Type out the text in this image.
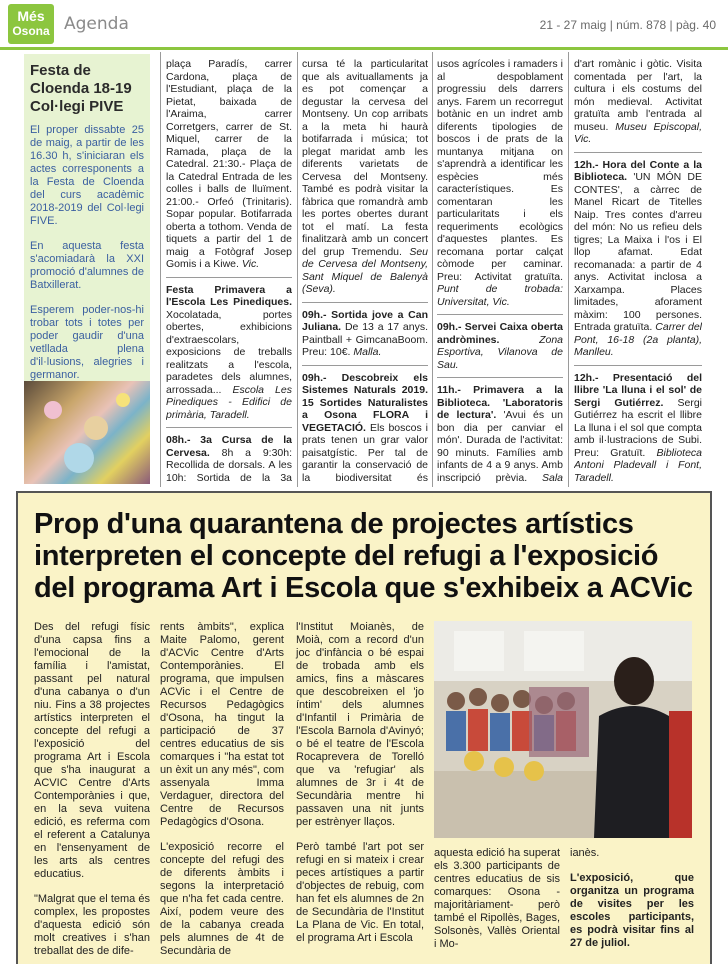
Més
Osona Agenda	21 - 27 maig | núm. 878 | pàg. 40
Festa de Cloenda 18-19 Col·legi PIVE

El proper dissabte 25 de maig, a partir de les 16.30 h, s'iniciaran els actes corresponents a la Festa de Cloenda del curs acadèmic 2018-2019 del Col·legi FIVE.

En aquesta festa s'acomiadarà la XXI promoció d'alumnes de Batxillerat.

Esperem poder-nos-hi trobar tots i totes per poder gaudir d'una vetllada plena d'il·lusions, alegries i germanor.

plaça Paradís, carrer Cardona, plaça de l'Estudiant, plaça de la Pietat, baixada de l'Araima, carrer Corretgers, carrer de St. Miquel, carrer de la Ramada, plaça de la Catedral. 21:30.- Plaça de la Catedral Entrada de les colles i balls de lluïment. 21:00.- Orfeó (Trinitaris). Sopar popular. Botifarrada oberta a tothom. Venda de tiquets a partir del 1 de maig a Fotògraf Josep Gomis i a Kiwe. Vic.

Festa Primavera a l'Escola Les Pinediques. Xocolatada, portes obertes, exhibicions d'extraescolars, exposicions de treballs realitzats a l'escola, paradetes dels alumnes, arrossada... Escola Les Pinediques - Edifici de primària, Taradell.

08h.- 3a Cursa de la Cervesa. 8h a 9:30h: Recollida de dorsals. A les 10h: Sortida de la 3a

cursa té la particularitat que als avituallaments ja es pot començar a degustar la cervesa del Montseny. Un cop arribats a la meta hi haurà botifarrada i música; tot plegat maridat amb les diferents varietats de Cervesa del Montseny. També es podrà visitar la fàbrica que romandrà amb les portes obertes durant tot el matí. La festa finalitzarà amb un concert del grup Tremendu. Seu de Cervesa del Montseny, Sant Miquel de Balenyà (Seva).

09h.- Sortida jove a Can Juliana. De 13 a 17 anys. Paintball + GimcanaBoom. Preu: 10€. Malla.

09h.- Descobreix els Sistemes Naturals 2019. 15 Sortides Naturalistes a Osona FLORA i VEGETACIÓ. Els boscos i prats tenen un grar valor paisatgístic. Per tal de garantir la conservació de la biodiversitat és

usos agrícoles i ramaders i al despoblament progressiu dels darrers anys. Farem un recorregut botànic en un indret amb diferents tipologies de boscos i de prats de la muntanya mitjana on s'aprendrà a identificar les espècies més característiques. Es comentaran les particularitats i els requeriments ecològics d'aquestes plantes. Es recomana portar calçat còmode per caminar. Preu: Activitat gratuïta. Punt de trobada: Universitat, Vic.

09h.- Servei Caixa oberta andròmines.	Zona Esportiva, Vilanova de Sau.

11h.- Primavera a la Biblioteca. 'Laboratoris de lectura'. 'Avui és un bon dia per canviar el món'. Durada de l'activitat: 90 minuts. Famílies amb infants de 4 a 9 anys. Amb inscripció prèvia. Sala

d'art romànic i gòtic. Visita comentada per l'art, la cultura i els costums del món medieval. Activitat gratuïta amb l'entrada al museu. Museu Episcopal, Vic.

12h.- Hora del Conte a la Biblioteca. 'UN MÓN DE CONTES', a càrrec de Manel Ricart de Titelles Naip. Tres contes d'arreu del món: No us refieu dels tigres; La Maixa i l'os i El llop afamat. Edat recomanada: a partir de 4 anys. Activitat inclosa a Xarxampa. Places limitades, aforament màxim: 100 persones. Entrada gratuïta. Carrer del Pont, 16-18 (2a planta), Manlleu.

12h.- Presentació del llibre 'La lluna i el sol' de Sergi Gutiérrez. Sergi Gutiérrez ha escrit el llibre La lluna i el sol que compta amb il·lustracions de Subi. Preu: Gratuït. Biblioteca Antoni Pladevall i Font, Taradell.

Prop d'una quarantena de projectes artístics interpreten el concepte del refugi a l'exposició del programa Art i Escola que s'exhibeix a ACVic

Des del refugi físic d'una capsa fins a l'emocional de la família i l'amistat, passant pel natural d'una cabanya o d'un niu. Fins a 38 projectes artístics interpreten el concepte del refugi a l'exposició del programa Art i Escola que s'ha inaugurat a ACVIC Centre d'Arts Contemporànies i que, en la seva vuitena edició, es refermа com el referent a Catalunya en l'ensenyament de les arts als centres educatius.

"Malgrat que el tema és complex, les propostes d'aquesta edició són molt creatives i s'han treballat des de dife-

rents àmbits", explica Maite Palomo, gerent d'ACVic Centre d'Arts Contemporànies. El programa, que impulsen ACVic i el Centre de Recursos Pedagògics d'Osona, ha tingut la participació de 37 centres educatius de sis comarques i "ha estat tot un èxit un any més", com assenyala Imma Verdaguer, directora del Centre de Recursos Pedagògics d'Osona.

L'exposició recorre el concepte del refugi des de diferents àmbits i segons la interpretació que n'ha fet cada centre. Així, podem veure des de la cabanya creada pels alumnes de 4t de Secundària de

l'Institut Moianès, de Moià, com a record d'un joc d'infància o bé espai de trobada amb els amics, fins a màscares que descobreixen el 'jo íntim' dels alumnes d'Infantil i Primària de l'Escola Barnola d'Avinyó; o bé el teatre de l'Escola Rocaprevera de Torelló que va 'refugiar' als alumnes de 3r i 4t de Secundària mentre hi passaven una nit junts per estrènyer llaços.

Però també l'art pot ser refugi en si mateix i crear peces artístiques a partir d'objectes de rebuig, com han fet els alumnes de 2n de Secundària de l'Institut La Plana de Vic. En total, el programa Art i Escola

aquesta edició ha superat els 3.300 participants de centres educatius de sis comarques: Osona -majoritàriament- però també el Ripollès, Bages, Solsonès, Vallès Oriental i Mo-

ianès.

L'exposició, que organitza un programa de visites per les escoles participants, es podrà visitar fins al 27 de juliol.
